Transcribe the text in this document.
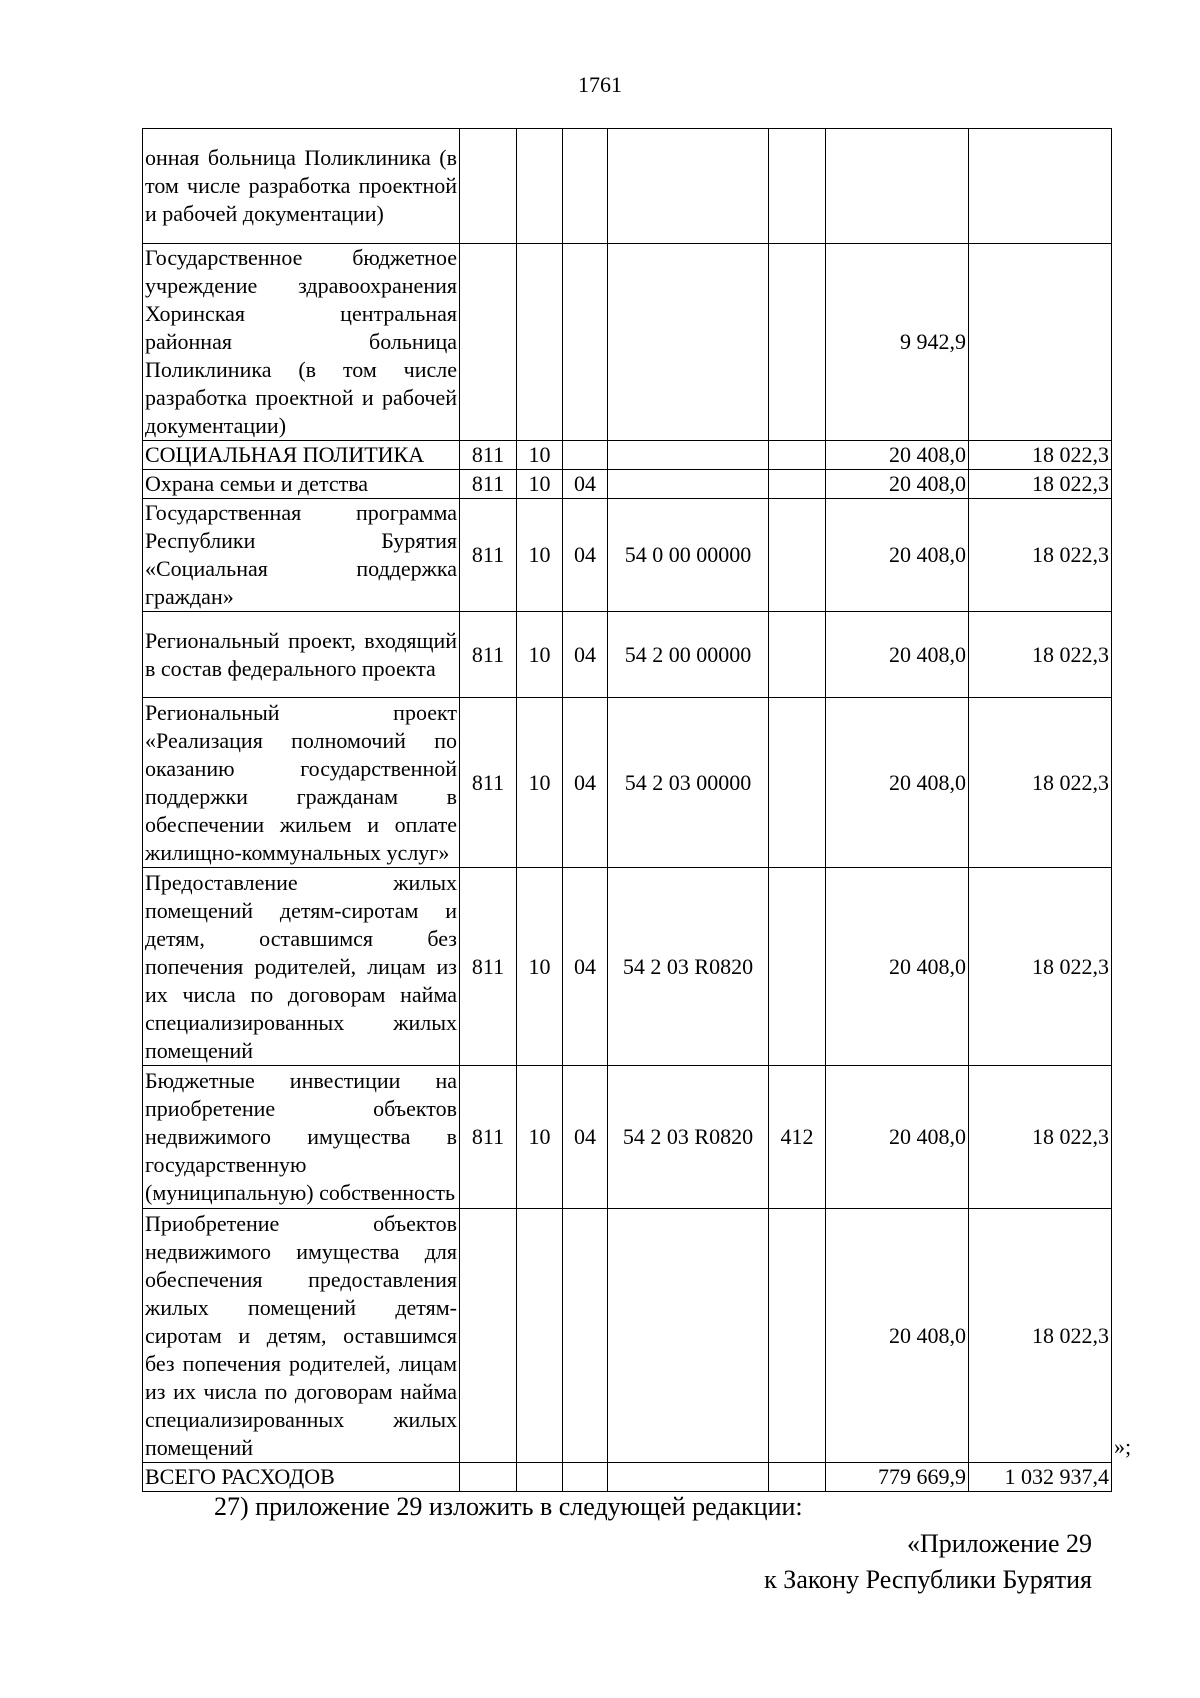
1761
онная больница Поликлиника (в том числе разработка проектной и рабочей документации)							
Государственное бюджетное учреждение здравоохранения Хоринская центральная районная больница Поликлиника (в том числе разработка проектной и рабочей документации)						9 942,9	
СОЦИАЛЬНАЯ ПОЛИТИКА	811	10				20 408,0	18 022,3
Охрана семьи и детства	811	10	04			20 408,0	18 022,3
Государственная программа Республики Бурятия «Социальная поддержка граждан»	811	10	04	54 0 00 00000		20 408,0	18 022,3
Региональный проект, входящий в состав федерального проекта	811	10	04	54 2 00 00000		20 408,0	18 022,3
Региональный проект «Реализация полномочий по оказанию государственной поддержки гражданам в обеспечении жильем и оплате жилищно-коммунальных услуг»	811	10	04	54 2 03 00000		20 408,0	18 022,3
Предоставление жилых помещений детям-сиротам и детям, оставшимся без попечения родителей, лицам из их числа по договорам найма специализированных жилых помещений	811	10	04	54 2 03 R0820		20 408,0	18 022,3
Бюджетные инвестиции на приобретение объектов недвижимого имущества в государственную (муниципальную) собственность	811	10	04	54 2 03 R0820	412	20 408,0	18 022,3
Приобретение объектов недвижимого имущества для обеспечения предоставления жилых помещений детям-сиротам и детям, оставшимся без попечения родителей, лицам из их числа по договорам найма специализированных жилых помещений						20 408,0	18 022,3
ВСЕГО РАСХОДОВ						779 669,9	1 032 937,4
»;
27) приложение 29 изложить в следующей редакции:
«Приложение 29
к Закону Республики Бурятия
